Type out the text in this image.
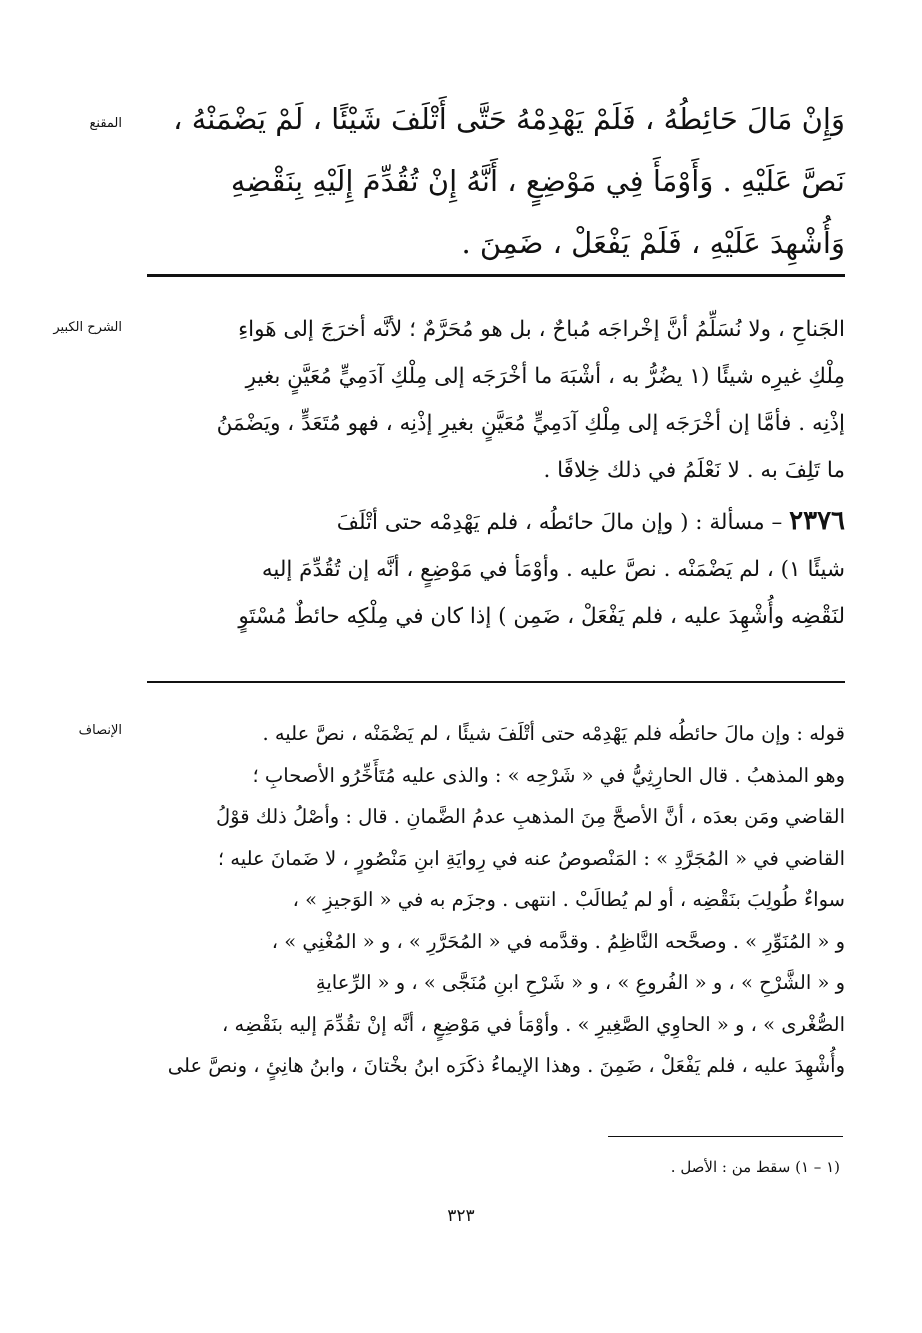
المقنع	وَإِنْ مَالَ حَائِطُهُ ، فَلَمْ يَهْدِمْهُ حَتَّى أَتْلَفَ شَيْئًا ، لَمْ يَضْمَنْهُ ،
نَصَّ عَلَيْهِ . وَأَوْمَأَ فِي مَوْضِعٍ ، أَنَّهُ إِنْ تُقُدِّمَ إِلَيْهِ بِنَقْضِهِ
وَأُشْهِدَ عَلَيْهِ ، فَلَمْ يَفْعَلْ ، ضَمِنَ .
الشرح الكبير	الجَناحِ ، ولا نُسَلِّمُ أنَّ إخْراجَه مُباحٌ ، بل هو مُحَرَّمٌ ؛ لأنَّه أخرَجَ إلى هَواءِ
مِلْكِ غيرِه شيئًا (١ يضُرُّ به ، أشْبَهَ ما أخْرَجَه إلى مِلْكِ آدَمِيٍّ مُعَيَّنٍ بغيرِ
إذْنِه . فأمَّا إن أخْرَجَه إلى مِلْكِ آدَمِيٍّ مُعَيَّنٍ بغيرِ إذْنِه ، فهو مُتَعَدٍّ ، ويَضْمَنُ
ما تَلِفَ به . لا نَعْلَمُ في ذلك خِلافًا .
٢٣٧٦ – مسألة : ( وإن مالَ حائطُه ، فلم يَهْدِمْه حتى أتْلَفَ
شيئًا ١) ، لم يَضْمَنْه . نصَّ عليه . وأوْمَأ في مَوْضِعٍ ، أنَّه إن تُقُدِّمَ إليه
لنَقْضِه وأُشْهِدَ عليه ، فلم يَفْعَلْ ، ضَمِن ) إذا كان في مِلْكِه حائطٌ مُسْتَوٍ
الإنصاف	قوله : وإن مالَ حائطُه فلم يَهْدِمْه حتى أتْلَفَ شيئًا ، لم يَضْمَنْه ، نصَّ عليه .
وهو المذهبُ . قال الحارِثِيُّ في « شَرْحِه » : والذى عليه مُتَأَخِّرُو الأصحابِ ؛
القاضي ومَن بعدَه ، أنَّ الأصحَّ مِنَ المذهبِ عدمُ الضَّمانِ . قال : وأصْلُ ذلك قوْلُ
القاضي في « المُجَرَّدِ » : المَنْصوصُ عنه في رِوايَةِ ابنِ مَنْصُورٍ ، لا ضَمانَ عليه ؛
سواءٌ طُولِبَ بنَقْضِه ، أو لم يُطالَبْ . انتهى . وجزَم به في « الوَجيزِ » ،
و « المُنَوِّرِ » . وصحَّحه النَّاظِمُ . وقدَّمه في « المُحَرَّرِ » ، و « المُغْنِي » ،
و « الشَّرْحِ » ، و « الفُروعِ » ، و « شَرْحِ ابنِ مُنَجَّى » ، و « الرِّعايةِ
الصُّغْرى » ، و « الحاوِي الصَّغِيرِ » . وأوْمَأ في مَوْضِعٍ ، أنَّه إنْ تقُدِّمَ إليه بنَقْضِه ،
وأُشْهِدَ عليه ، فلم يَفْعَلْ ، ضَمِنَ . وهذا الإيماءُ ذكَرَه ابنُ بخْتانَ ، وابنُ هانِئٍ ، ونصَّ على
(١ – ١) سقط من : الأصل .
٣٢٣
